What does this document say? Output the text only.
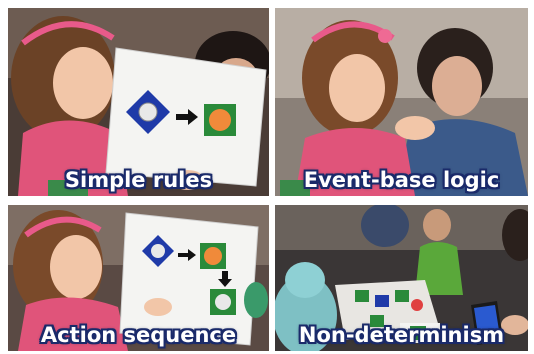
Simple rules	Event-base logic
Action sequence	Non-determinism
